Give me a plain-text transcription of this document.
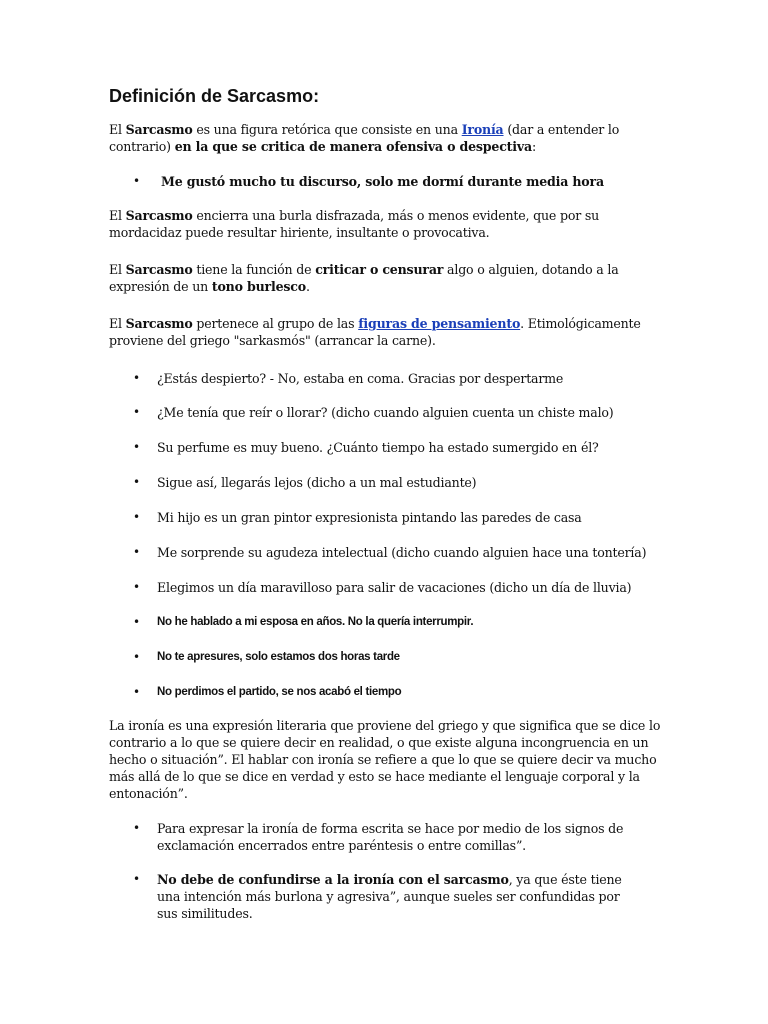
Definición de Sarcasmo:

El Sarcasmo es una figura retórica que consiste en una Ironía (dar a entender lo contrario) en la que se critica de manera ofensiva o despectiva:

• Me gustó mucho tu discurso, solo me dormí durante media hora

El Sarcasmo encierra una burla disfrazada, más o menos evidente, que por su mordacidaz puede resultar hiriente, insultante o provocativa.

El Sarcasmo tiene la función de criticar o censurar algo o alguien, dotando a la expresión de un tono burlesco.

El Sarcasmo pertenece al grupo de las figuras de pensamiento. Etimológicamente proviene del griego "sarkasmós" (arrancar la carne).

• ¿Estás despierto? - No, estaba en coma. Gracias por despertarme
• ¿Me tenía que reír o llorar? (dicho cuando alguien cuenta un chiste malo)
• Su perfume es muy bueno. ¿Cuánto tiempo ha estado sumergido en él?
• Sigue así, llegarás lejos (dicho a un mal estudiante)
• Mi hijo es un gran pintor expresionista pintando las paredes de casa
• Me sorprende su agudeza intelectual (dicho cuando alguien hace una tontería)
• Elegimos un día maravilloso para salir de vacaciones (dicho un día de lluvia)
• No he hablado a mi esposa en años. No la quería interrumpir.
• No te apresures, solo estamos dos horas tarde
• No perdimos el partido, se nos acabó el tiempo

La ironía es una expresión literaria que proviene del griego y que significa que se dice lo contrario a lo que se quiere decir en realidad, o que existe alguna incongruencia en un hecho o situación”. El hablar con ironía se refiere a que lo que se quiere decir va mucho más allá de lo que se dice en verdad y esto se hace mediante el lenguaje corporal y la entonación”.

• Para expresar la ironía de forma escrita se hace por medio de los signos de exclamación encerrados entre paréntesis o entre comillas”.
• No debe de confundirse a la ironía con el sarcasmo, ya que éste tiene una intención más burlona y agresiva”, aunque sueles ser confundidas por sus similitudes.
